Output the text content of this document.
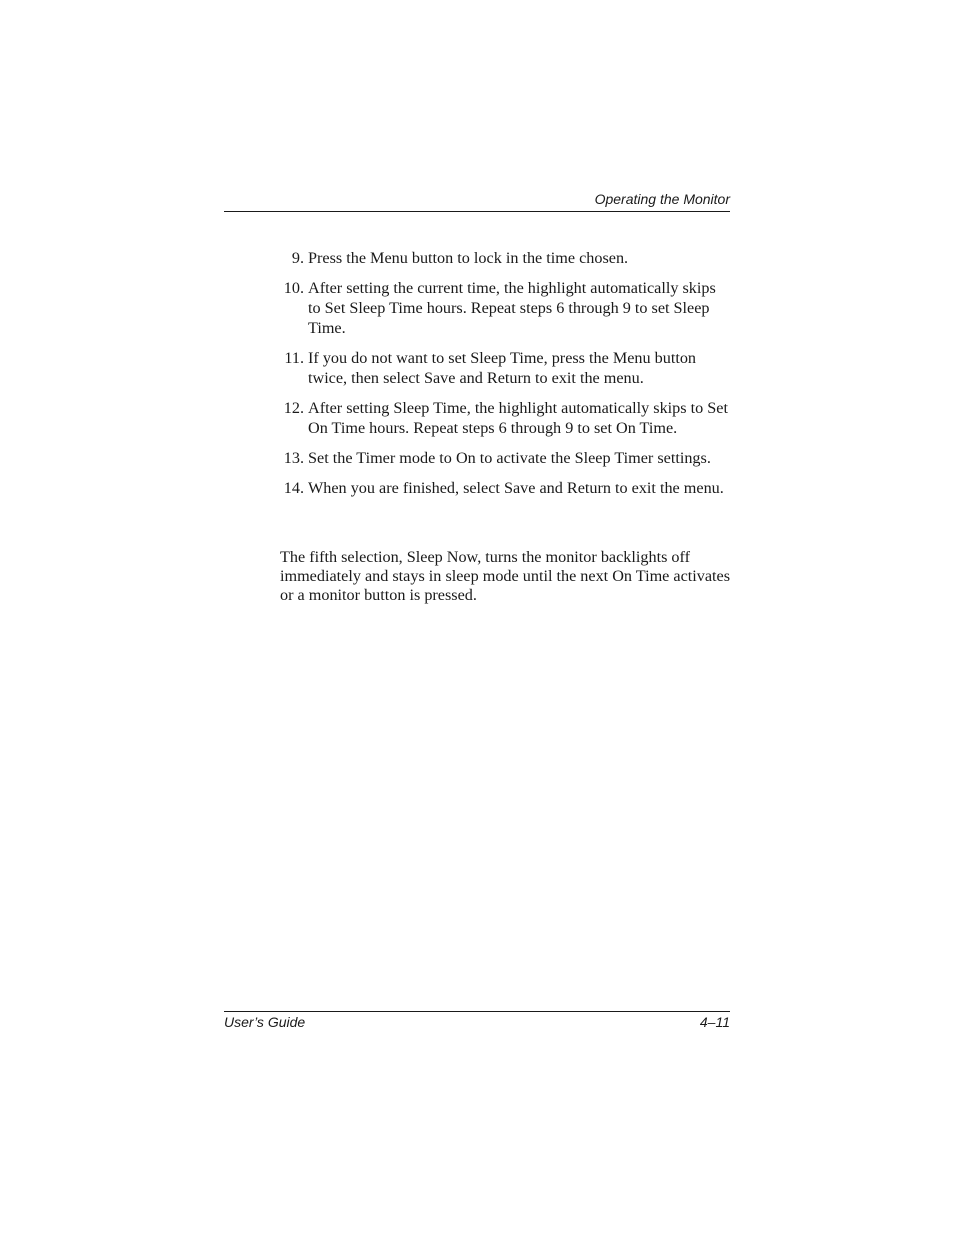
Operating the Monitor
9. Press the Menu button to lock in the time chosen.
10. After setting the current time, the highlight automatically skips to Set Sleep Time hours. Repeat steps 6 through 9 to set Sleep Time.
11. If you do not want to set Sleep Time, press the Menu button twice, then select Save and Return to exit the menu.
12. After setting Sleep Time, the highlight automatically skips to Set On Time hours. Repeat steps 6 through 9 to set On Time.
13. Set the Timer mode to On to activate the Sleep Timer settings.
14. When you are finished, select Save and Return to exit the menu.

The fifth selection, Sleep Now, turns the monitor backlights off immediately and stays in sleep mode until the next On Time activates or a monitor button is pressed.

User’s Guide	4–11
